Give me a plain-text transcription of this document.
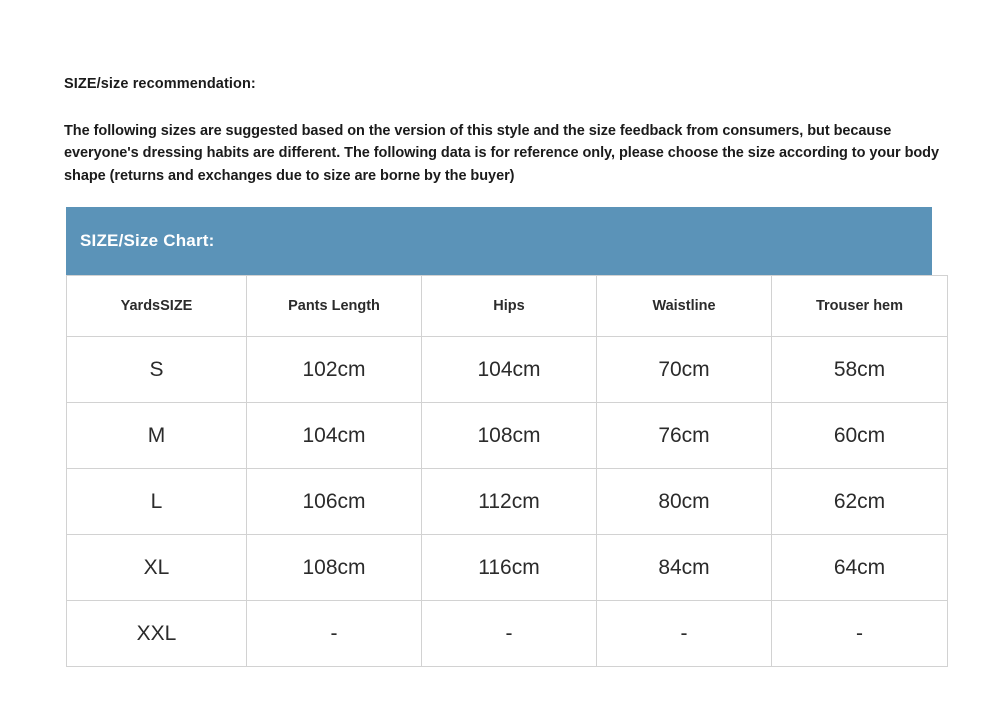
SIZE/size recommendation:
The following sizes are suggested based on the version of this style and the size feedback from consumers, but because everyone's dressing habits are different. The following data is for reference only, please choose the size according to your body shape (returns and exchanges due to size are borne by the buyer)
SIZE/Size Chart:
YardsSIZE	Pants Length	Hips	Waistline	Trouser hem
S	102cm	104cm	70cm	58cm
M	104cm	108cm	76cm	60cm
L	106cm	112cm	80cm	62cm
XL	108cm	116cm	84cm	64cm
XXL	-	-	-	-
